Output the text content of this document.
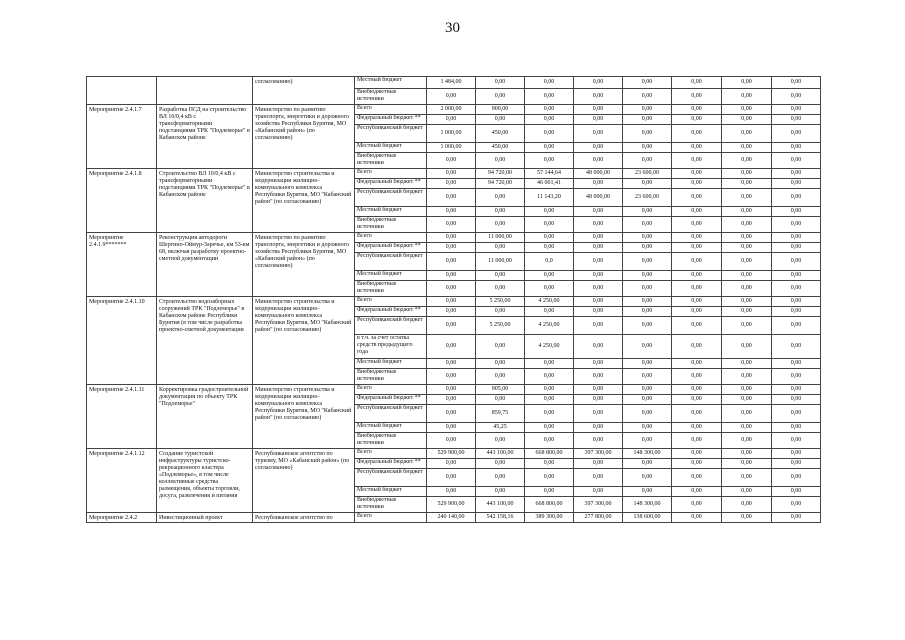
30
		согласованию)	Местный бюджет	1 484,00	0,00	0,00	0,00	0,00	0,00	0,00	0,00
			Внебюджетные источники	0,00	0,00	0,00	0,00	0,00	0,00	0,00	0,00
Мероприятие 2.4.1.7	Разработка ПСД на строительство ВЛ 10/0,4 кВ с трансформаторными подстанциями ТРК "Подлеморье" в Кабанском районе	Министерство по развитию транспорта, энергетики и дорожного хозяйства Республики Бурятия, МО «Кабанский район» (по согласованию)	Всего	2 000,00	900,00	0,00	0,00	0,00	0,00	0,00	0,00
			Федеральный бюджет **	0,00	0,00	0,00	0,00	0,00	0,00	0,00	0,00
			Республиканский бюджет	1 000,00	450,00	0,00	0,00	0,00	0,00	0,00	0,00
			Местный бюджет	1 000,00	450,00	0,00	0,00	0,00	0,00	0,00	0,00
			Внебюджетные источники	0,00	0,00	0,00	0,00	0,00	0,00	0,00	0,00
Мероприятие 2.4.1.8	Строительство ВЛ 10/0,4 кВ с трансформаторными подстанциями ТРК "Подлеморье" в Кабанском районе	Министерство строительства и модернизации жилищно-коммунального комплекса Республики Бурятия, МО "Кабанский район" (по согласованию)	Всего	0,00	94 720,00	57 144,64	48 000,00	23 600,00	0,00	0,00	0,00
			Федеральный бюджет **	0,00	94 720,00	46 001,41	0,00	0,00	0,00	0,00	0,00
			Республиканский бюджет	0,00	0,00	11 143,20	48 000,00	23 600,00	0,00	0,00	0,00
			Местный бюджет	0,00	0,00	0,00	0,00	0,00	0,00	0,00	0,00
			Внебюджетные источники	0,00	0,00	0,00	0,00	0,00	0,00	0,00	0,00
Мероприятие 2.4.1.9*******	Реконструкция автодороги Шергино-Оймур-Заречье, км 53-км 68, включая разработку проектно-сметной документации	Министерство по развитию транспорта, энергетики и дорожного хозяйства Республики Бурятия, МО «Кабанский район» (по согласованию)	Всего	0,00	11 000,00	0,00	0,00	0,00	0,00	0,00	0,00
			Федеральный бюджет **	0,00	0,00	0,00	0,00	0,00	0,00	0,00	0,00
			Республиканский бюджет	0,00	11 000,00	0,0	0,00	0,00	0,00	0,00	0,00
			Местный бюджет	0,00	0,00	0,00	0,00	0,00	0,00	0,00	0,00
			Внебюджетные источники	0,00	0,00	0,00	0,00	0,00	0,00	0,00	0,00
Мероприятие 2.4.1.10	Строительство водозаборных сооружений ТРК "Подлеморье" в Кабанском районе Республики Бурятия (в том числе разработка проектно-сметной документации	Министерство строительства и модернизации жилищно-коммунального комплекса Республики Бурятия, МО "Кабанский район" (по согласованию)	Всего	0,00	5 250,00	4 250,00	0,00	0,00	0,00	0,00	0,00
			Федеральный бюджет **	0,00	0,00	0,00	0,00	0,00	0,00	0,00	0,00
			Республиканский бюджет	0,00	5 250,00	4 250,00	0,00	0,00	0,00	0,00	0,00
			в т.ч. за счет остатка средств предыдущего года	0,00	0,00	4 250,00	0,00	0,00	0,00	0,00	0,00
			Местный бюджет	0,00	0,00	0,00	0,00	0,00	0,00	0,00	0,00
			Внебюджетные источники	0,00	0,00	0,00	0,00	0,00	0,00	0,00	0,00
Мероприятие 2.4.1.11	Корректировка градостроительной документации по объекту ТРК "Подлеморье"	Министерство строительства и модернизации жилищно-коммунального комплекса Республики Бурятия, МО "Кабанский район" (по согласованию)	Всего	0,00	905,00	0,00	0,00	0,00	0,00	0,00	0,00
			Федеральный бюджет **	0,00	0,00	0,00	0,00	0,00	0,00	0,00	0,00
			Республиканский бюджет	0,00	859,75	0,00	0,00	0,00	0,00	0,00	0,00
			Местный бюджет	0,00	45,25	0,00	0,00	0,00	0,00	0,00	0,00
			Внебюджетные источники	0,00	0,00	0,00	0,00	0,00	0,00	0,00	0,00
Мероприятие 2.4.1.12	Создание туристской инфраструктуры туристско-рекреационного кластера «Подлеморье», в том числе коллективные средства размещения, объекты торговли, досуга, развлечения и питания	Республиканское агентство по туризму, МО «Кабанский район» (по согласованию)	Всего	529 900,00	443 100,00	668 800,00	397 300,00	148 300,00	0,00	0,00	0,00
			Федеральный бюджет **	0,00	0,00	0,00	0,00	0,00	0,00	0,00	0,00
			Республиканский бюджет	0,00	0,00	0,00	0,00	0,00	0,00	0,00	0,00
			Местный бюджет	0,00	0,00	0,00	0,00	0,00	0,00	0,00	0,00
			Внебюджетные источники	529 900,00	443 100,00	668 800,00	397 300,00	148 300,00	0,00	0,00	0,00
Мероприятие 2.4.2	Инвестиционный проект	Республиканское агентство по	Всего	240 140,00	542 158,16	389 300,00	277 800,00	138 600,00	0,00	0,00	0,00
